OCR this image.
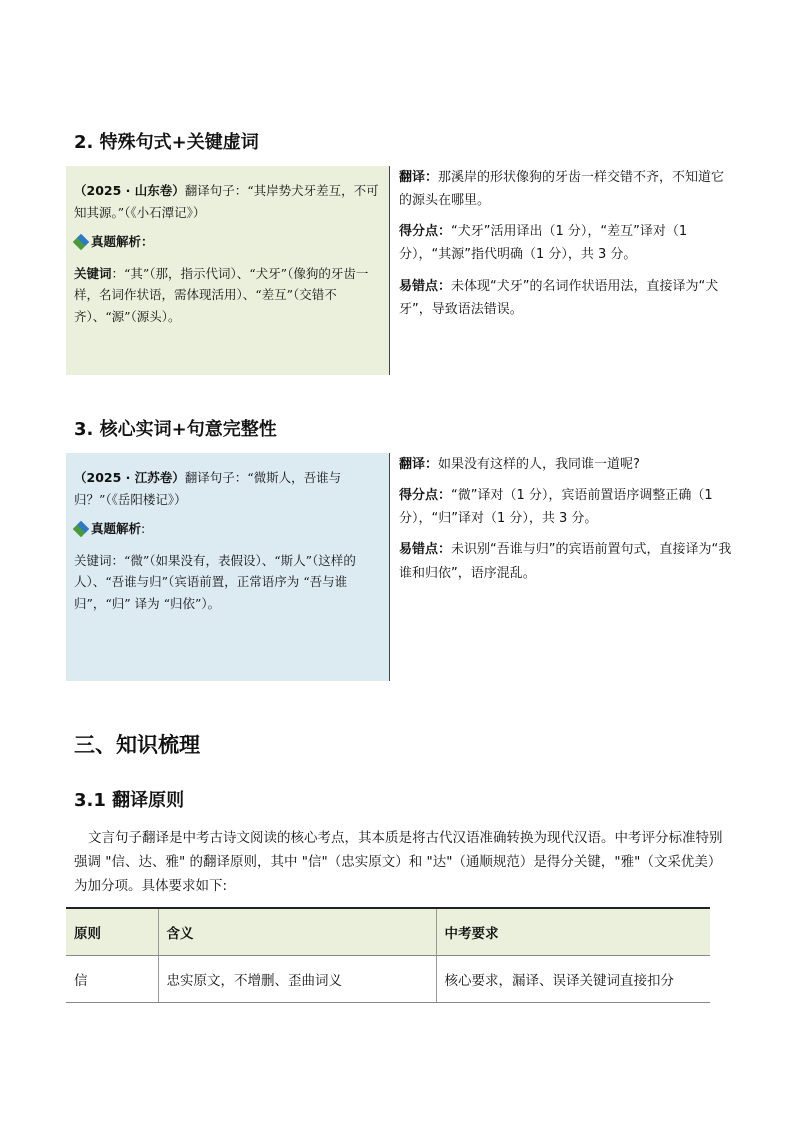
2. 特殊句式+关键虚词
（2025 · 山东卷）翻译句子：“其岸势犬牙差互，不可知其源。”（《小石潭记》）
真题解析：
关键词：“其”（那，指示代词）、“犬牙”（像狗的牙齿一样，名词作状语，需体现活用）、“差互”（交错不齐）、“源”（源头）。

翻译：那溪岸的形状像狗的牙齿一样交错不齐，不知道它的源头在哪里。

得分点：“犬牙”活用译出（1 分），“差互”译对（1 分），“其源”指代明确（1 分），共 3 分。

易错点：未体现“犬牙”的名词作状语用法，直接译为“犬牙”，导致语法错误。

3. 核心实词+句意完整性
（2025 · 江苏卷）翻译句子：“微斯人，吾谁与归？”（《岳阳楼记》）
真题解析 :
关键词：“微”（如果没有，表假设）、“斯人”（这样的人）、“吾谁与归”（宾语前置，正常语序为 “吾与谁归”，“归” 译为 “归依”）。

翻译：如果没有这样的人，我同谁一道呢?

得分点：“微”译对（1 分），宾语前置语序调整正确（1 分），“归”译对（1 分），共 3 分。

易错点：未识别“吾谁与归”的宾语前置句式，直接译为“我谁和归依”，语序混乱。

三、知识梳理
3.1 翻译原则
文言句子翻译是中考古诗文阅读的核心考点，其本质是将古代汉语准确转换为现代汉语。中考评分标准特别强调 "信、达、雅" 的翻译原则，其中 "信"（忠实原文）和 "达"（通顺规范）是得分关键，"雅"（文采优美）为加分项。具体要求如下:
原则	含义	中考要求
信	忠实原文，不增删、歪曲词义	核心要求，漏译、误译关键词直接扣分
